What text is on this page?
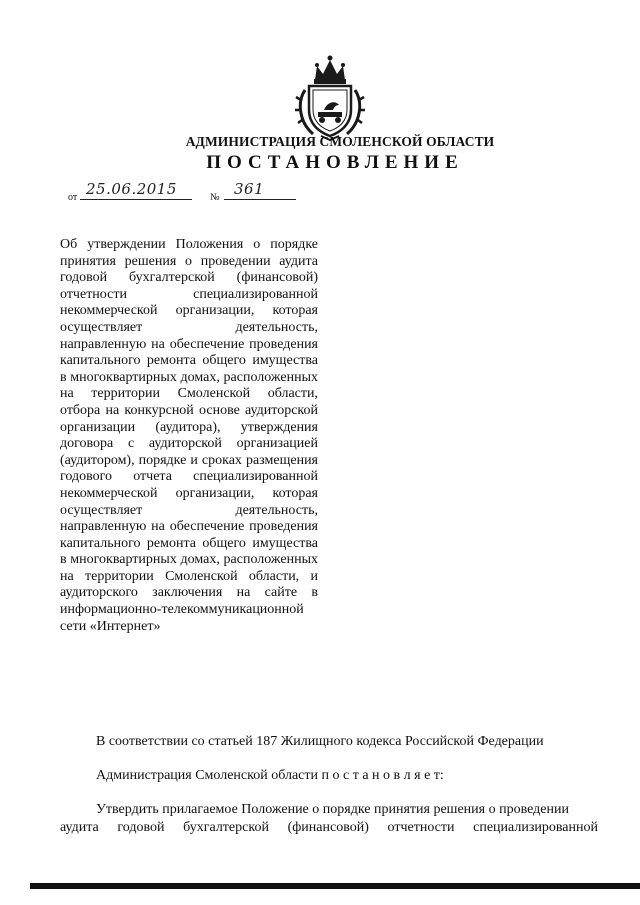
АДМИНИСТРАЦИЯ СМОЛЕНСКОЙ ОБЛАСТИ
ПОСТАНОВЛЕНИЕ
от 25.06.2015	№ 361
Об утверждении Положения о порядке принятия решения о проведении аудита годовой бухгалтерской (финансовой) отчетности специализированной некоммерческой организации, которая осуществляет деятельность, направленную на обеспечение проведения капитального ремонта общего имущества в многоквартирных домах, расположенных на территории Смоленской области, отбора на конкурсной основе аудиторской организации (аудитора), утверждения договора с аудиторской организацией (аудитором), порядке и сроках размещения годового отчета специализированной некоммерческой организации, которая осуществляет деятельность, направленную на обеспечение проведения капитального ремонта общего имущества в многоквартирных домах, расположенных на территории Смоленской области, и аудиторского заключения на сайте в информационно-телекоммуникационной сети «Интернет»
В соответствии со статьей 187 Жилищного кодекса Российской Федерации
Администрация Смоленской области п о с т а н о в л я е т:
Утвердить прилагаемое Положение о порядке принятия решения о проведении
аудита годовой бухгалтерской (финансовой) отчетности специализированной
